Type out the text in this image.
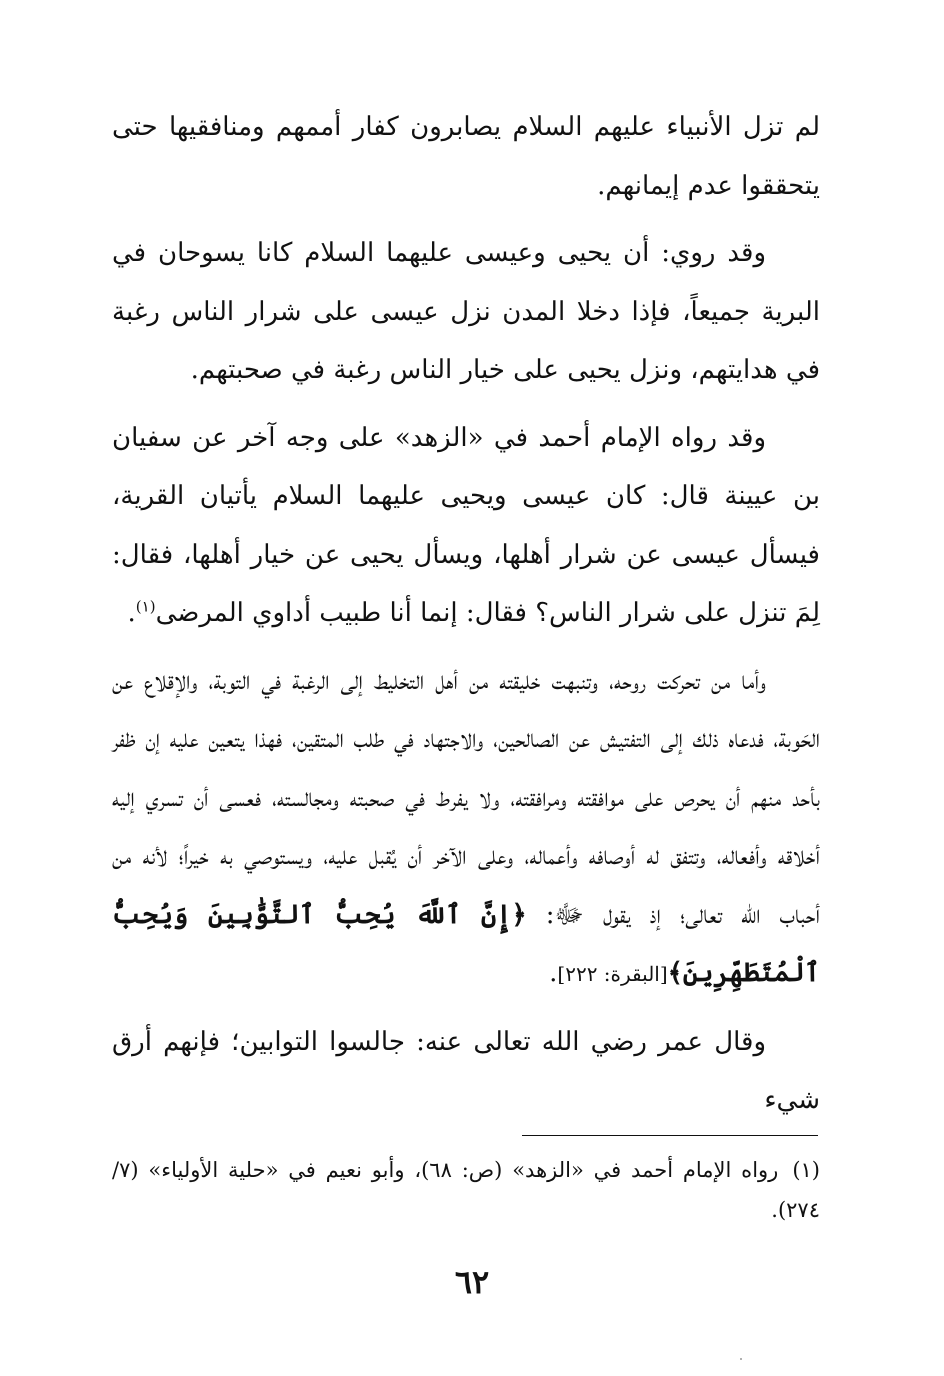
لم تزل الأنبياء عليهم السلام يصابرون كفار أممهم ومنافقيها حتى يتحققوا عدم إيمانهم.

وقد روي: أن يحيى وعيسى عليهما السلام كانا يسوحان في البرية جميعاً، فإذا دخلا المدن نزل عيسى على شرار الناس رغبة في هدايتهم، ونزل يحيى على خيار الناس رغبة في صحبتهم.

وقد رواه الإمام أحمد في «الزهد» على وجه آخر عن سفيان بن عيينة قال: كان عيسى ويحيى عليهما السلام يأتيان القرية، فيسأل عيسى عن شرار أهلها، ويسأل يحيى عن خيار أهلها، فقال: لِمَ تنزل على شرار الناس؟ فقال: إنما أنا طبيب أداوي المرضى$^{(١)}$.

وأما من تحركت روحه، وتنبهت خليقته من أهل التخليط إلى الرغبة في التوبة، والإقلاع عن الحَوبة، فدعاه ذلك إلى التفتيش عن الصالحين، والاجتهاد في طلب المتقين، فهذا يتعين عليه إن ظفر بأحد منهم أن يحرص على موافقته ومرافقته، ولا يفرط في صحبته ومجالسته، فعسى أن تسري إليه أخلاقه وأفعاله، وتتفق له أوصافه وأعماله، وعلى الآخر أن يُقبل عليه، ويستوصي به خيراً؛ لأنه من أحباب الله تعالى؛ إذ يقول ﷻ: ﴿إِنَّ ٱللَّهَ يُحِبُّ ٱلتَّوَّٰبِينَ وَيُحِبُّ ٱلْمُتَطَهِّرِينَ﴾[البقرة: ٢٢٢].

وقال عمر رضي الله تعالى عنه: جالسوا التوابين؛ فإنهم أرق شيء

(١)رواه الإمام أحمد في «الزهد» (ص: ٦٨)، وأبو نعيم في «حلية الأولياء» (٧/ ٢٧٤).
٦٢
